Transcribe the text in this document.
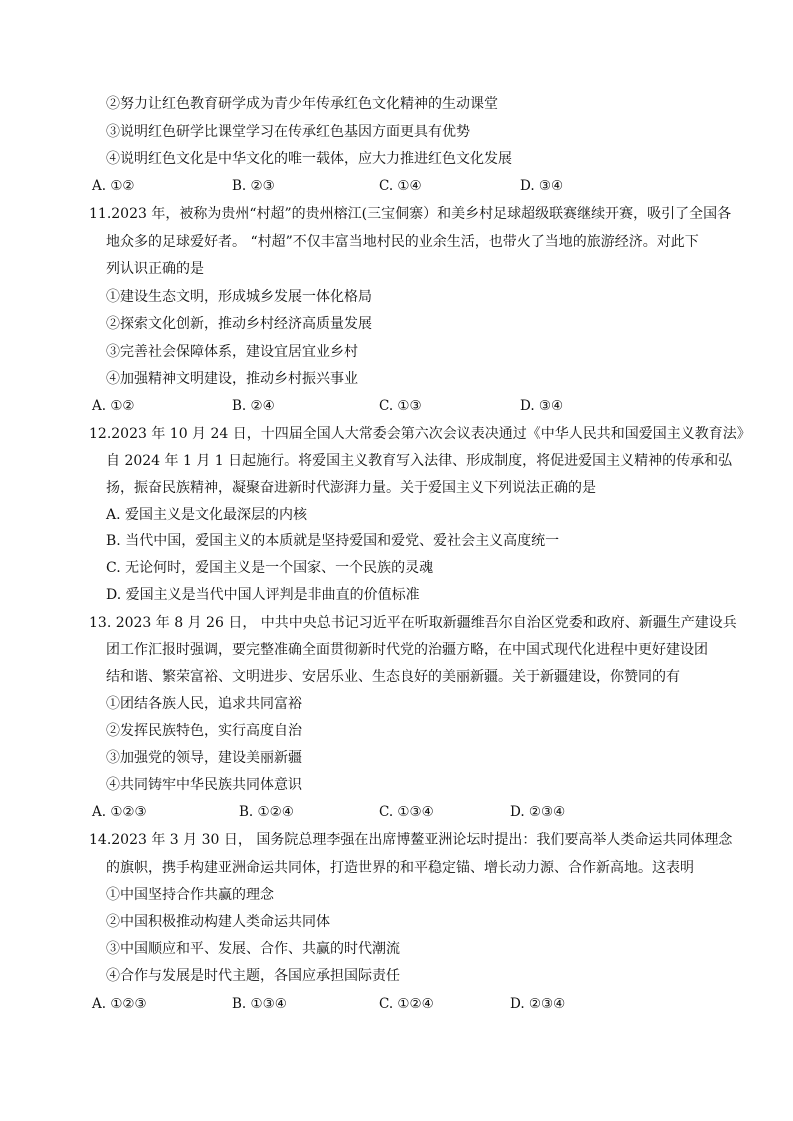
②努力让红色教育研学成为青少年传承红色文化精神的生动课堂
③说明红色研学比课堂学习在传承红色基因方面更具有优势
④说明红色文化是中华文化的唯一载体，应大力推进红色文化发展
A. ①②	B. ②③	C. ①④	D. ③④
11.2023 年，被称为贵州“村超”的贵州榕江(三宝侗寨）和美乡村足球超级联赛继续开赛，吸引了全国各
地众多的足球爱好者。 “村超”不仅丰富当地村民的业余生活，也带火了当地的旅游经济。对此下
列认识正确的是
①建设生态文明，形成城乡发展一体化格局
②探索文化创新，推动乡村经济高质量发展
③完善社会保障体系，建设宜居宜业乡村
④加强精神文明建设，推动乡村振兴事业
A. ①②	B. ②④	C. ①③	D. ③④
12.2023 年 10 月 24 日，十四届全国人大常委会第六次会议表决通过《中华人民共和国爱国主义教育法》
自 2024 年 1 月 1 日起施行。将爱国主义教育写入法律、形成制度，将促进爱国主义精神的传承和弘
扬，振奋民族精神，凝聚奋进新时代澎湃力量。关于爱国主义下列说法正确的是
A. 爱国主义是文化最深层的内核
B. 当代中国，爱国主义的本质就是坚持爱国和爱党、爱社会主义高度统一
C. 无论何时，爱国主义是一个国家、一个民族的灵魂
D. 爱国主义是当代中国人评判是非曲直的价值标准
13. 2023 年 8 月 26 日， 中共中央总书记习近平在听取新疆维吾尔自治区党委和政府、新疆生产建设兵
团工作汇报时强调，要完整准确全面贯彻新时代党的治疆方略，在中国式现代化进程中更好建设团
结和谐、繁荣富裕、文明进步、安居乐业、生态良好的美丽新疆。关于新疆建设，你赞同的有
①团结各族人民，追求共同富裕
②发挥民族特色，实行高度自治
③加强党的领导，建设美丽新疆
④共同铸牢中华民族共同体意识
A. ①②③	B. ①②④	C. ①③④	D. ②③④
14.2023 年 3 月 30 日， 国务院总理李强在出席博鳌亚洲论坛时提出：我们要高举人类命运共同体理念
的旗帜，携手构建亚洲命运共同体，打造世界的和平稳定锚、增长动力源、合作新高地。这表明
①中国坚持合作共赢的理念
②中国积极推动构建人类命运共同体
③中国顺应和平、发展、合作、共赢的时代潮流
④合作与发展是时代主题，各国应承担国际责任
A. ①②③	B. ①③④	C. ①②④	D. ②③④
